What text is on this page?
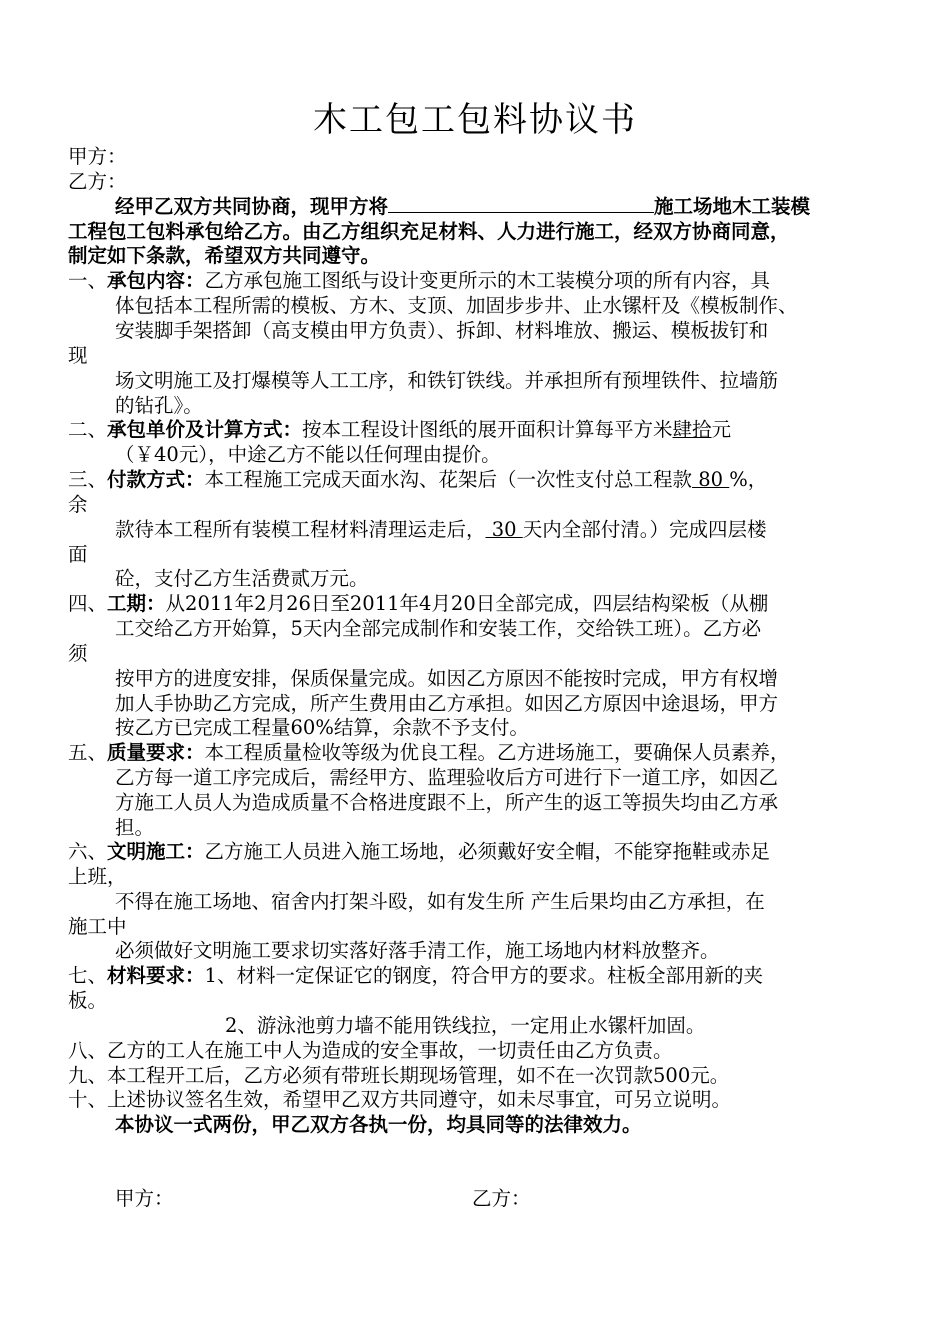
木工包工包料协议书
甲方：
乙方：
经甲乙双方共同协商，现甲方将	施工场地木工装模
工程包工包料承包给乙方。由乙方组织充足材料、人力进行施工，经双方协商同意，
制定如下条款，希望双方共同遵守。
一、承包内容：乙方承包施工图纸与设计变更所示的木工装模分项的所有内容，具
体包括本工程所需的模板、方木、支顶、加固步步井、止水镙杆及《模板制作、
安装脚手架搭卸（高支模由甲方负责）、拆卸、材料堆放、搬运、模板拔钉和
现
场文明施工及打爆模等人工工序，和铁钉铁线。并承担所有预埋铁件、拉墙筋
的钻孔》。
二、承包单价及计算方式：按本工程设计图纸的展开面积计算每平方米肆拾元
（￥40元），中途乙方不能以任何理由提价。
三、付款方式：本工程施工完成天面水沟、花架后（一次性支付总工程款 80 %，
余
款待本工程所有装模工程材料清理运走后， 30 天内全部付清。）完成四层楼
面
砼，支付乙方生活费贰万元。
四、工期：从2011年2月26日至2011年4月20日全部完成，四层结构梁板（从棚
工交给乙方开始算，5天内全部完成制作和安装工作，交给铁工班）。乙方必
须
按甲方的进度安排，保质保量完成。如因乙方原因不能按时完成，甲方有权增
加人手协助乙方完成，所产生费用由乙方承担。如因乙方原因中途退场，甲方
按乙方已完成工程量60%结算，余款不予支付。
五、质量要求：本工程质量检收等级为优良工程。乙方进场施工，要确保人员素养，
乙方每一道工序完成后，需经甲方、监理验收后方可进行下一道工序，如因乙
方施工人员人为造成质量不合格进度跟不上，所产生的返工等损失均由乙方承
担。
六、文明施工：乙方施工人员进入施工场地，必须戴好安全帽，不能穿拖鞋或赤足
上班，
不得在施工场地、宿舍内打架斗殴，如有发生所 产生后果均由乙方承担，在
施工中
必须做好文明施工要求切实落好落手清工作，施工场地内材料放整齐。
七、材料要求：1、材料一定保证它的钢度，符合甲方的要求。柱板全部用新的夹
板。
2、游泳池剪力墙不能用铁线拉，一定用止水镙杆加固。
八、乙方的工人在施工中人为造成的安全事故，一切责任由乙方负责。
九、本工程开工后，乙方必须有带班长期现场管理，如不在一次罚款500元。
十、上述协议签名生效，希望甲乙双方共同遵守，如未尽事宜，可另立说明。
本协议一式两份，甲乙双方各执一份，均具同等的法律效力。
甲方：	乙方：
